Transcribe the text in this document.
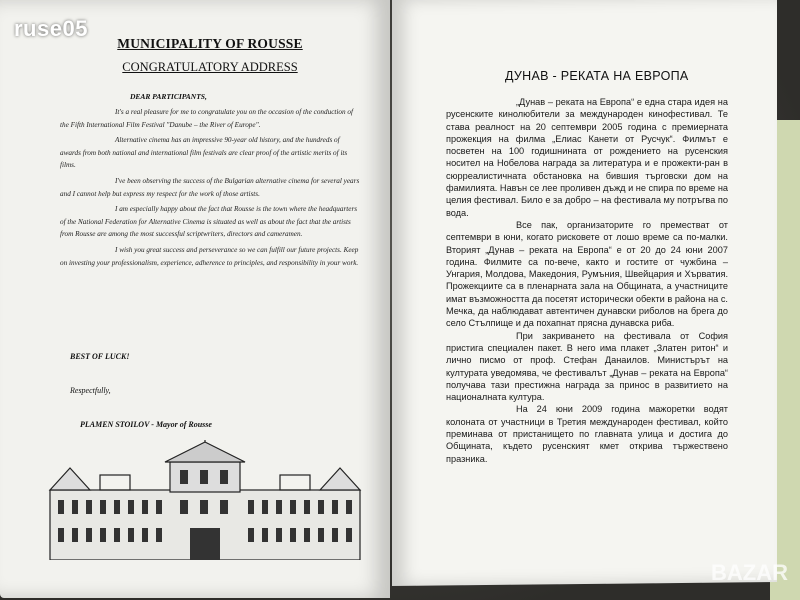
MUNICIPALITY OF ROUSSE
CONGRATULATORY ADDRESS

It's a real pleasure for me to congratulate you on the occasion of the conduction of the Fifth International Film Festival "Danube – the River of Europe".

Alternative cinema has an impressive 90-year old history, and the hundreds of awards from both national and international film festivals are clear proof of the artistic merits of its films.

I've been observing the success of the Bulgarian alternative cinema for several years and I cannot help but express my respect for the work of those artists.

I am especially happy about the fact that Rousse is the town where the headquarters of the National Federation for Alternative Cinema is situated as well as about the fact that the artists from Rousse are among the most successful scriptwriters, directors and cameramen.

I wish you great success and perseverance so we can fulfill our future projects. Keep on investing your professionalism, experience, adherence to principles, and responsibility in your work.

DEAR PARTICIPANTS,
BEST OF LUCK!
Respectfully,
PLAMEN STOILOV - Mayor of Rousse
ДУНАВ - РЕКАТА НА ЕВРОПА

„Дунав – реката на Европа“ е една стара идея на русенските кинолюбители за международен кинофестивал. Те става реалност на 20 септември 2005 година с премиерната прожекция на филма „Елиас Канети от Русчук“. Филмът е посветен на 100 годишнината от рождението на русенския носител на Нобелова награда за литература и е прожекти-ран в сюрреалистичната обстановка на бившия търговски дом на фамилията. Навън се лее проливен дъжд и не спира по време на целия фестивал. Било е за добро – на фестивала му потръгва по вода.

Все пак, организаторите го преместват от септември в юни, когато рисковете от лошо време са по-малки. Вторият „Дунав – реката на Европа“ е от 20 до 24 юни 2007 година. Филмите са по-вече, както и гостите от чужбина – Унгария, Молдова, Македония, Румъния, Швейцария и Хърватия. Прожекциите са в пленарната зала на Общината, а участниците имат възможността да посетят исторически обекти в района на с. Мечка, да наблюдават автентичен дунавски риболов на брега до село Стълпище и да похапнат прясна дунавска риба.

При закриването на фестивала от София пристига специален пакет. В него има плакет „Златен ритон“ и лично писмо от проф. Стефан Данаилов. Министърът на културата уведомява, че фестивалът „Дунав – реката на Европа“ получава тази престижна награда за принос в развитието на националната култура.

На 24 юни 2009 година мажоретки водят колоната от участници в Третия международен фестивал, който преминава от пристанището по главната улица и достига до Общината, където русенският кмет открива тържествено празника.

ruse05
BAZAR
